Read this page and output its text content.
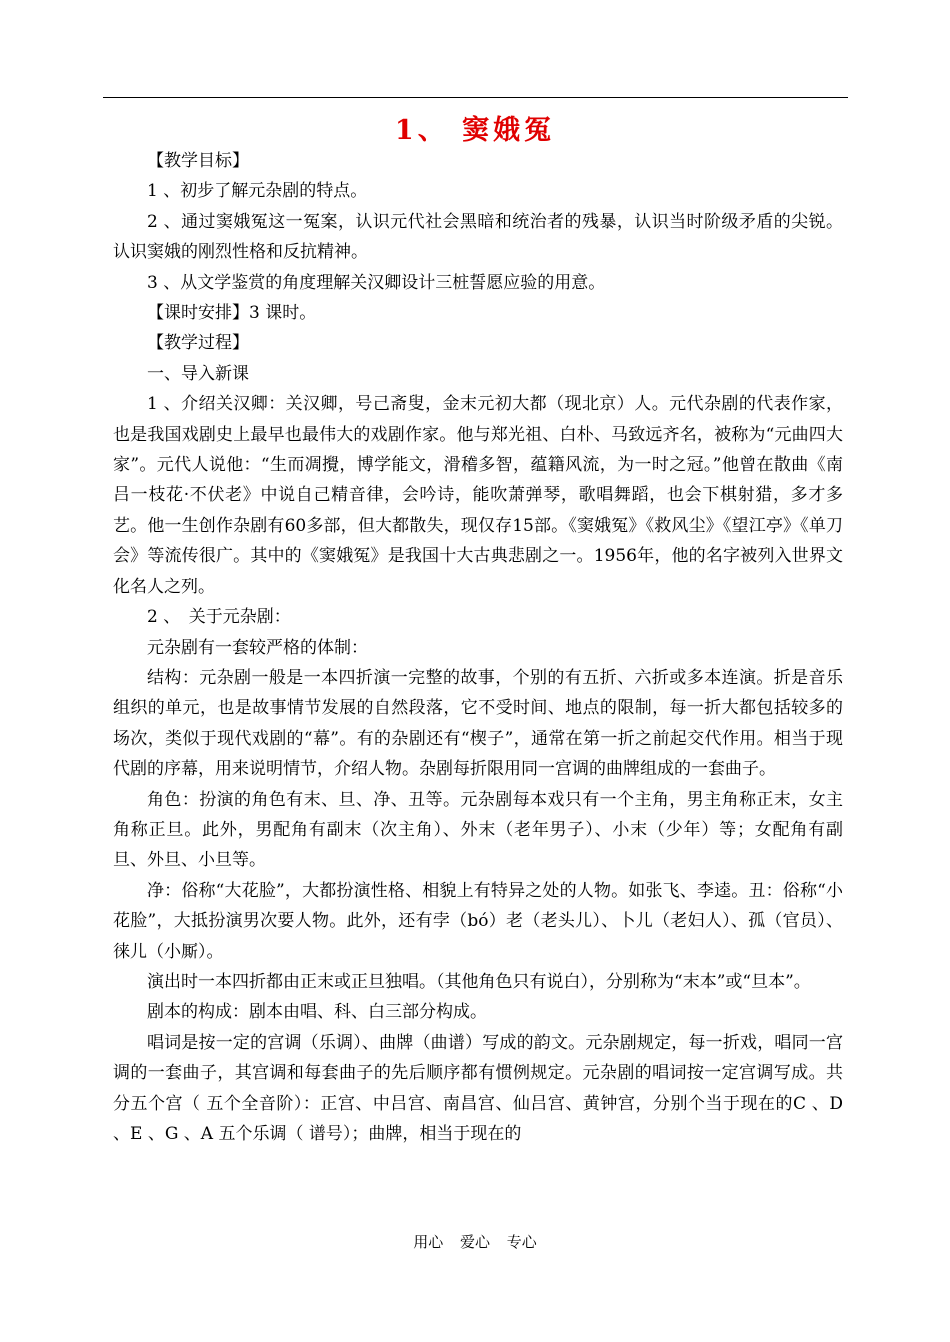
1、 窦娥冤

【教学目标】

1 、初步了解元杂剧的特点。

2 、通过窦娥冤这一冤案，认识元代社会黑暗和统治者的残暴，认识当时阶级矛盾的尖锐。认识窦娥的刚烈性格和反抗精神。

3 、从文学鉴赏的角度理解关汉卿设计三桩誓愿应验的用意。

【课时安排】3 课时。

【教学过程】

一、导入新课

1 、介绍关汉卿：关汉卿，号己斋叟，金末元初大都（现北京）人。元代杂剧的代表作家，也是我国戏剧史上最早也最伟大的戏剧作家。他与郑光祖、白朴、马致远齐名，被称为“元曲四大家”。元代人说他：“生而凋攪，博学能文，滑稽多智，蕴籍风流，为一时之冠。”他曾在散曲《南吕一枝花·不伏老》中说自己精音律，会吟诗，能吹萧弹琴，歌唱舞蹈，也会下棋射猎，多才多艺。他一生创作杂剧有60多部，但大都散失，现仅存15部。《窦娥冤》《救风尘》《望江亭》《单刀会》等流传很广。其中的《窦娥冤》是我国十大古典悲剧之一。1956年，他的名字被列入世界文化名人之列。

2 、　关于元杂剧：

元杂剧有一套较严格的体制：

结构：元杂剧一般是一本四折演一完整的故事，个别的有五折、六折或多本连演。折是音乐组织的单元，也是故事情节发展的自然段落，它不受时间、地点的限制，每一折大都包括较多的场次，类似于现代戏剧的“幕”。有的杂剧还有“楔子”，通常在第一折之前起交代作用。相当于现代剧的序幕，用来说明情节，介绍人物。杂剧每折限用同一宫调的曲牌组成的一套曲子。

角色：扮演的角色有末、旦、净、丑等。元杂剧每本戏只有一个主角，男主角称正末，女主角称正旦。此外，男配角有副末（次主角）、外末（老年男子）、小末（少年）等；女配角有副旦、外旦、小旦等。

净：俗称“大花脸”，大都扮演性格、相貌上有特异之处的人物。如张飞、李逵。丑：俗称“小花脸”，大抵扮演男次要人物。此外，还有孛（bó）老（老头儿）、卜儿（老妇人）、孤（官员）、徕儿（小厮）。

演出时一本四折都由正末或正旦独唱。（其他角色只有说白），分别称为“末本”或“旦本”。

剧本的构成：剧本由唱、科、白三部分构成。

唱词是按一定的宫调（乐调）、曲牌（曲谱）写成的韵文。元杂剧规定，每一折戏，唱同一宫调的一套曲子，其宫调和每套曲子的先后顺序都有惯例规定。元杂剧的唱词按一定宫调写成。共分五个宫（ 五个全音阶）：正宫、中吕宫、南昌宫、仙吕宫、黄钟宫，分别个当于现在的C 、D 、E 、G 、A 五个乐调（ 谱号）；曲牌，相当于现在的

用心 爱心 专心
